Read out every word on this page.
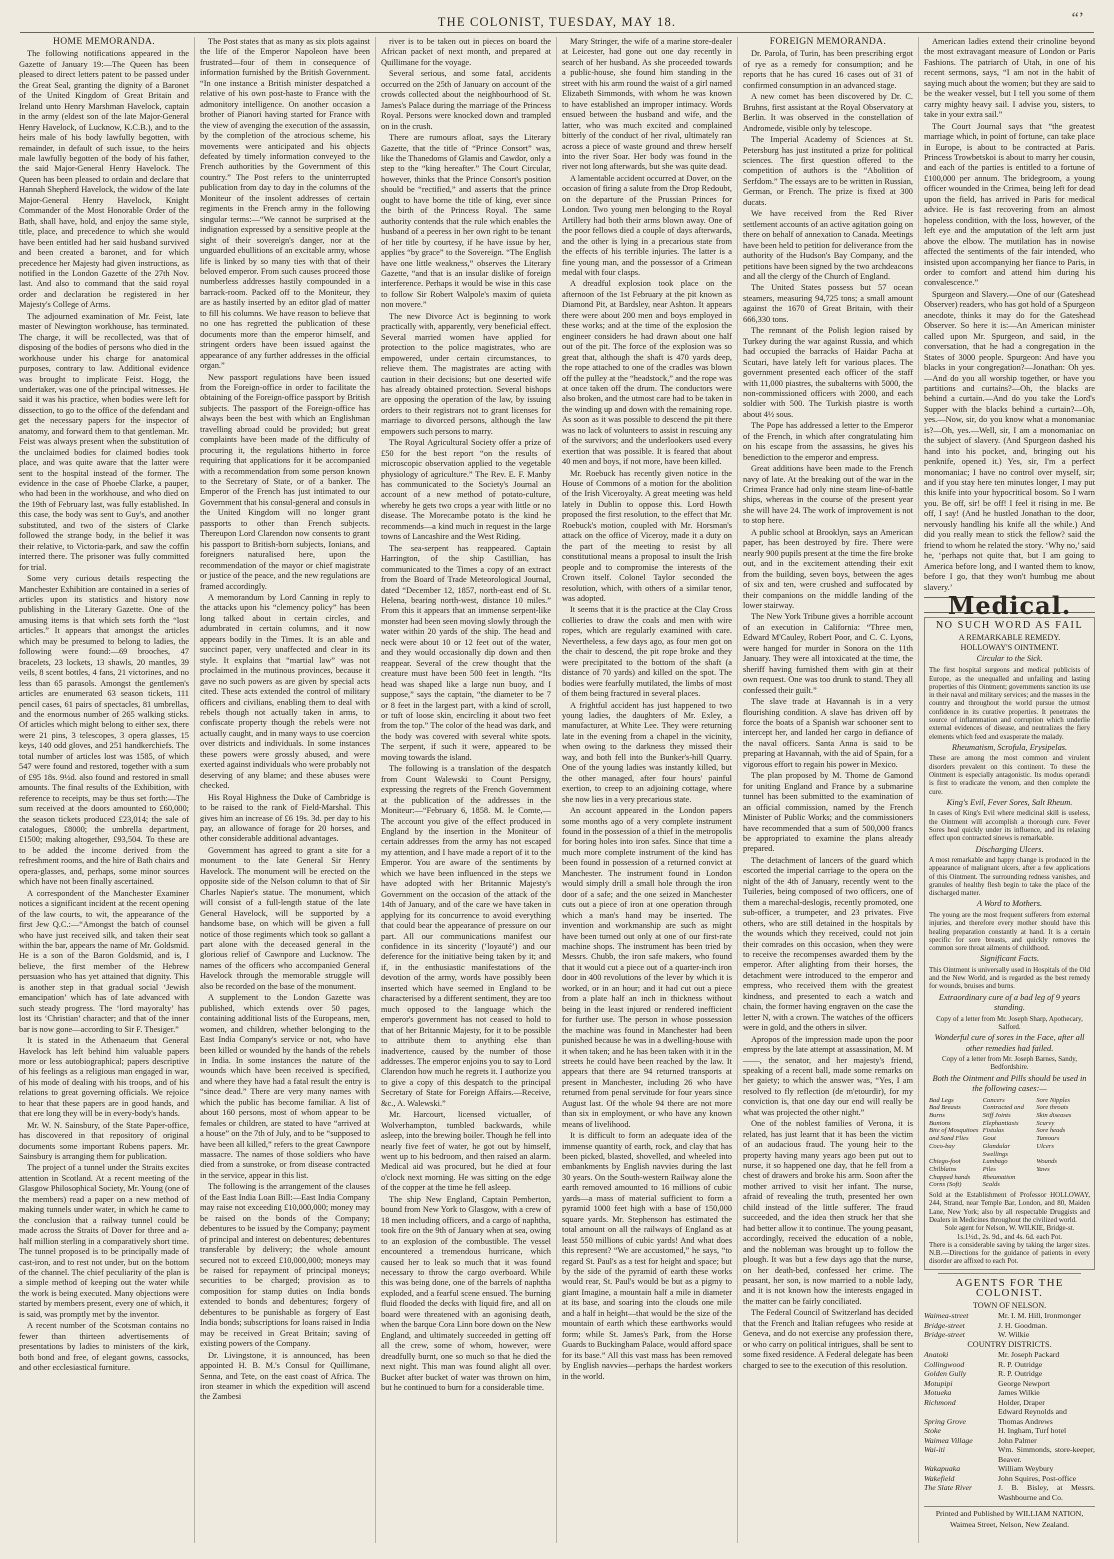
THE COLONIST, TUESDAY, MAY 18.	“’
HOME MEMORANDA.

The following notifications appeared in the Gazette of January 19:—The Queen has been pleased to direct letters patent to be passed under the Great Seal, granting the dignity of a Baronet of the United Kingdom of Great Britain and Ireland unto Henry Marshman Havelock, captain in the army (eldest son of the late Major-General Henry Havelock, of Lucknow, K.C.B.), and to the heirs male of his body lawfully begotten, with remainder, in default of such issue, to the heirs male lawfully begotten of the body of his father, the said Major-General Henry Havelock. The Queen has been pleased to ordain and declare that Hannah Shepherd Havelock, the widow of the late Major-General Henry Havelock, Knight Commander of the Most Honorable Order of the Bath, shall have, hold, and enjoy the same style, title, place, and precedence to which she would have been entitled had her said husband survived and been created a baronet, and for which precedence her Majesty had given instructions, as notified in the London Gazette of the 27th Nov. last. And also to command that the said royal order and declaration be registered in her Majesty's College of Arms.

The adjourned examination of Mr. Feist, late master of Newington workhouse, has terminated. The charge, it will be recollected, was that of disposing of the bodies of persons who died in the workhouse under his charge for anatomical purposes, contrary to law. Additional evidence was brought to implicate Feist. Hogg, the undertaker, was one of the principal witnesses. He said it was his practice, when bodies were left for dissection, to go to the office of the defendant and get the necessary papers for the inspector of anatomy, and forward them to that gentleman. Mr. Feist was always present when the substitution of the unclaimed bodies for claimed bodies took place, and was quite aware that the latter were sent to the hospital instead of the former. The evidence in the case of Phoebe Clarke, a pauper, who had been in the workhouse, and who died on the 19th of February last, was fully established. In this case, the body was sent to Guy's, and another substituted, and two of the sisters of Clarke followed the strange body, in the belief it was their relative, to Victoria-park, and saw the coffin interred there. The prisoner was fully committed for trial.

Some very curious details respecting the Manchester Exhibition are contained in a series of articles upon its statistics and history now publishing in the Literary Gazette. One of the amusing items is that which sets forth the “lost articles.” It appears that amongst the articles which may be presumed to belong to ladies, the following were found:—69 brooches, 47 bracelets, 23 lockets, 13 shawls, 20 mantles, 39 veils, 8 scent bottles, 4 fans, 21 victorines, and no less than 65 parasols. Amongst the gentlemen's articles are enumerated 63 season tickets, 111 pencil cases, 61 pairs of spectacles, 81 umbrellas, and the enormous number of 265 walking sticks. Of articles which might belong to either sex, there were 21 pins, 3 telescopes, 3 opera glasses, 15 keys, 140 odd gloves, and 251 handkerchiefs. The total number of articles lost was 1585, of which 547 were found and restored, together with a sum of £95 18s. 9½d. also found and restored in small amounts. The final results of the Exhibition, with reference to receipts, may be thus set forth:—The sum received at the doors amounted to £60,000; the season tickets produced £23,014; the sale of catalogues, £8000; the umbrella department, £1500; making altogether, £93,504. To these are to be added the income derived from the refreshment rooms, and the hire of Bath chairs and opera-glasses, and, perhaps, some minor sources which have not been finally ascertained.

A correspondent of the Manchester Examiner notices a significant incident at the recent opening of the law courts, to wit, the appearance of the first Jew Q.C.:—“Amongst the batch of counsel who have just received silk, and taken their seat within the bar, appears the name of Mr. Goldsmid. He is a son of the Baron Goldsmid, and is, I believe, the first member of the Hebrew persuasion who has yet attained that dignity. This is another step in that gradual social ‘Jewish emancipation’ which has of late advanced with such steady progress. The ‘lord mayoralty’ has lost its ‘Christian’ character; and that of the inner bar is now gone—according to Sir F. Thesiger.”

It is stated in the Athenaeum that General Havelock has left behind him valuable papers more or less autobiographical; papers descriptive of his feelings as a religious man engaged in war, of his mode of dealing with his troops, and of his relations to great governing officials. We rejoice to hear that these papers are in good hands, and that ere long they will be in every-body's hands.

Mr. W. N. Sainsbury, of the State Paper-office, has discovered in that repository of original documents some important Rubens papers. Mr. Sainsbury is arranging them for publication.

The project of a tunnel under the Straits excites attention in Scotland. At a recent meeting of the Glasgow Philosophical Society, Mr. Young (one of the members) read a paper on a new method of making tunnels under water, in which he came to the conclusion that a railway tunnel could be made across the Straits of Dover for three and a-half million sterling in a comparatively short time. The tunnel proposed is to be principally made of cast-iron, and to rest not under, but on the bottom of the channel. The chief peculiarity of the plan is a simple method of keeping out the water while the work is being executed. Many objections were started by members present, every one of which, it is said, was promptly met by the inventor.

A recent number of the Scotsman contains no fewer than thirteen advertisements of presentations by ladies to ministers of the kirk, both bond and free, of elegant gowns, cassocks, and other ecclesiastical furniture.

The Post states that as many as six plots against the life of the Emperor Napoleon have been frustrated—four of them in consequence of information furnished by the British Government. “In one instance a British minister despatched a relative of his own post-haste to France with the admonitory intelligence. On another occasion a brother of Pianori having started for France with the view of avenging the execution of the assassin, by the completion of the atrocious scheme, his movements were anticipated and his objects defeated by timely information conveyed to the French authorities by the Government of this country.” The Post refers to the uninterrupted publication from day to day in the columns of the Moniteur of the insolent addresses of certain regiments in the French army in the following singular terms:—“We cannot be surprised at the indignation expressed by a sensitive people at the sight of their sovereign's danger, nor at the unguarded ebullitions of an excitable army, whose life is linked by so many ties with that of their beloved emperor. From such causes proceed those numberless addresses hastily compounded in a barrack-room. Packed off to the Moniteur, they are as hastily inserted by an editor glad of matter to fill his columns. We have reason to believe that no one has regretted the publication of these documents more than the emperor himself, and stringent orders have been issued against the appearance of any further addresses in the official organ.”

New passport regulations have been issued from the Foreign-office in order to facilitate the obtaining of the Foreign-office passport by British subjects. The passport of the Foreign-office has always been the best with which an Englishman travelling abroad could be provided; but great complaints have been made of the difficulty of procuring it, the regulations hitherto in force requiring that applications for it be accompanied with a recommendation from some person known to the Secretary of State, or of a banker. The Emperor of the French has just intimated to our Government that his consul-general and consuls in the United Kingdom will no longer grant passports to other than French subjects. Thereupon Lord Clarendon now consents to grant his passport to British-born subjects, Ionians, and foreigners naturalised here, upon the recommendation of the mayor or chief magistrate or justice of the peace, and the new regulations are framed accordingly.

A memorandum by Lord Canning in reply to the attacks upon his “clemency policy” has been long talked about in certain circles, and adumbrated in certain columns, and it now appears bodily in the Times. It is an able and succinct paper, very unaffected and clear in its style. It explains that “martial law” was not proclaimed in the mutinous provinces, because it gave no such powers as are given by special acts cited. These acts extended the control of military officers and civilians, enabling them to deal with rebels though not actually taken in arms, to confiscate property though the rebels were not actually caught, and in many ways to use coercion over districts and individuals. In some instances these powers were grossly abused, and were exerted against individuals who were probably not deserving of any blame; and these abuses were checked.

His Royal Highness the Duke of Cambridge is to be raised to the rank of Field-Marshal. This gives him an increase of £6 19s. 3d. per day to his pay, an allowance of forage for 20 horses, and other considerable additional advantages.

Government has agreed to grant a site for a monument to the late General Sir Henry Havelock. The monument will be erected on the opposite side of the Nelson column to that of Sir Charles Napier's statue. The monument, which will consist of a full-length statue of the late General Havelock, will be supported by a handsome base, on which will be given a full notice of those regiments which took so gallant a part alone with the deceased general in the glorious relief of Cawnpore and Lucknow. The names of the officers who accompanied General Havelock through the memorable struggle will also be recorded on the base of the monument.

A supplement to the London Gazette was published, which extends over 50 pages, containing additional lists of the Europeans, men, women, and children, whether belonging to the East India Company's service or not, who have been killed or wounded by the hands of the rebels in India. In some instances the nature of the wounds which have been received is specified, and where they have had a fatal result the entry is “since dead.” There are very many names with which the public has become familiar. A list of about 160 persons, most of whom appear to be females or children, are stated to have “arrived at a house” on the 7th of July, and to be “supposed to have been all killed,” refers to the great Cawnpore massacre. The names of those soldiers who have died from a sunstroke, or from disease contracted in the service, appear in this list.

The following is the arrangement of the clauses of the East India Loan Bill:—East India Company may raise not exceeding £10,000,000; money may be raised on the bonds of the Company; debentures to be issued by the Company; payment of principal and interest on debentures; debentures transferable by delivery; the whole amount secured not to exceed £10,000,000; moneys may be raised for repayment of principal moneys; securities to be charged; provision as to composition for stamp duties on India bonds extended to bonds and debentures; forgery of debentures to be punishable as forgery of East India bonds; subscriptions for loans raised in India may be received in Great Britain; saving of existing powers of the Company.

Dr. Livingstone, it is announced, has been appointed H. B. M.'s Consul for Quillimane, Senna, and Tete, on the east coast of Africa. The iron steamer in which the expedition will ascend the Zambesi

river is to be taken out in pieces on board the African packet of next month, and prepared at Quillimane for the voyage.

Several serious, and some fatal, accidents occurred on the 25th of January on account of the crowds collected about the neighbourhood of St. James's Palace during the marriage of the Princess Royal. Persons were knocked down and trampled on in the crush.

There are rumours afloat, says the Literary Gazette, that the title of “Prince Consort” was, like the Thanedoms of Glamis and Cawdor, only a step to the “king hereafter.” The Court Circular, however, thinks that the Prince Consort's position should be “rectified,” and asserts that the prince ought to have borne the title of king, ever since the birth of the Princess Royal. The same authority contends that the rule which enables the husband of a peeress in her own right to be tenant of her title by courtesy, if he have issue by her, applies “by grace” to the Sovereign. “The English have one little weakness,” observes the Literary Gazette, “and that is an insular dislike of foreign interference. Perhaps it would be wise in this case to follow Sir Robert Walpole's maxim of quieta non movere.”

The new Divorce Act is beginning to work practically with, apparently, very beneficial effect. Several married women have applied for protection to the police magistrates, who are empowered, under certain circumstances, to relieve them. The magistrates are acting with caution in their decisions; but one deserted wife has already obtained protection. Several bishops are opposing the operation of the law, by issuing orders to their registrars not to grant licenses for marriage to divorced persons, although the law empowers such persons to marry.

The Royal Agricultural Society offer a prize of £50 for the best report “on the results of microscopic observation applied to the vegetable physiology of agriculture.” The Rev. E. F. Manby has communicated to the Society's Journal an account of a new method of potato-culture, whereby he gets two crops a year with little or no disease. The Morecambe potato is the kind he recommends—a kind much in request in the large towns of Lancashire and the West Riding.

The sea-serpent has reappeared. Captain Harrington, of the ship Castillian, has communicated to the Times a copy of an extract from the Board of Trade Meteorological Journal, dated “December 12, 1857, north-east end of St. Helena, bearing north-west, distance 10 miles.” From this it appears that an immense serpent-like monster had been seen moving slowly through the water within 20 yards of the ship. The head and neck were about 10 or 12 feet out of the water, and they would occasionally dip down and then reappear. Several of the crew thought that the creature must have been 500 feet in length. “Its head was shaped like a large nun buoy, and I suppose,” says the captain, “the diameter to be 7 or 8 feet in the largest part, with a kind of scroll, or tuft of loose skin, encircling it about two feet from the top.” The color of the head was dark, and the body was covered with several white spots. The serpent, if such it were, appeared to be moving towards the island.

The following is a translation of the despatch from Count Walewski to Count Persigny, expressing the regrets of the French Government at the publication of the addresses in the Moniteur:—“February 6, 1858. M. le Comte,—The account you give of the effect produced in England by the insertion in the Moniteur of certain addresses from the army has not escaped my attention, and I have made a report of it to the Emperor. You are aware of the sentiments by which we have been influenced in the steps we have adopted with her Britannic Majesty's Government on the occasion of the attack of the 14th of January, and of the care we have taken in applying for its concurrence to avoid everything that could bear the appearance of pressure on our part. All our communications manifest our confidence in its sincerity (‘loyauté’) and our deference for the initiative being taken by it; and if, in the enthusiastic manifestations of the devotion of the army, words have possibly been inserted which have seemed in England to be characterised by a different sentiment, they are too much opposed to the language which the emperor's government has not ceased to hold to that of her Britannic Majesty, for it to be possible to attribute them to anything else than inadvertence, caused by the number of those addresses. The emperor enjoins you to say to Lord Clarendon how much he regrets it. I authorize you to give a copy of this despatch to the principal Secretary of State for Foreign Affairs.—Receive, &c., A. Walewski.”

Mr. Harcourt, licensed victualler, of Wolverhampton, tumbled backwards, while asleep, into the brewing boiler. Though he fell into nearly five feet of water, he got out by himself, went up to his bedroom, and then raised an alarm. Medical aid was procured, but he died at four o'clock next morning. He was sitting on the edge of the copper at the time he fell asleep.

The ship New England, Captain Pemberton, bound from New York to Glasgow, with a crew of 18 men including officers, and a cargo of naphtha, took fire on the 9th of January when at sea, owing to an explosion of the combustible. The vessel encountered a tremendous hurricane, which caused her to leak so much that it was found necessary to throw the cargo overboard. While this was being done, one of the barrels of naphtha exploded, and a fearful scene ensued. The burning fluid flooded the decks with liquid fire, and all on board were threatened with an agonising death, when the barque Cora Linn bore down on the New England, and ultimately succeeded in getting off all the crew, some of whom, however, were dreadfully burnt, one so much so that he died the next night. This man was found alight all over. Bucket after bucket of water was thrown on him, but he continued to burn for a considerable time.

Mary Stringer, the wife of a marine store-dealer at Leicester, had gone out one day recently in search of her husband. As she proceeded towards a public-house, she found him standing in the street with his arm round the waist of a girl named Elizabeth Simmonds, with whom he was known to have established an improper intimacy. Words ensued between the husband and wife, and the latter, who was much excited and complained bitterly of the conduct of her rival, ultimately ran across a piece of waste ground and threw herself into the river Soar. Her body was found in the river not long afterwards, but she was quite dead.

A lamentable accident occurred at Dover, on the occasion of firing a salute from the Drop Redoubt, on the departure of the Prussian Princes for London. Two young men belonging to the Royal Artillery had both their arms blown away. One of the poor fellows died a couple of days afterwards, and the other is lying in a precarious state from the effects of his terrible injuries. The latter is a fine young man, and the possessor of a Crimean medal with four clasps.

A dreadful explosion took place on the afternoon of the 1st February at the pit known as Diamond Pit, at Bardsley, near Ashton. It appears there were about 200 men and boys employed in these works; and at the time of the explosion the engineer considers he had drawn about one half out of the pit. The force of the explosion was so great that, although the shaft is 470 yards deep, the rope attached to one of the cradles was blown off the pulley at the “headstock,” and the rope was at once taken off the drum. The conductors were also broken, and the utmost care had to be taken in the winding up and down with the remaining rope. As soon as it was possible to descend the pit there was no lack of volunteers to assist in rescuing any of the survivors; and the underlookers used every exertion that was possible. It is feared that about 40 men and boys, if not more, have been killed.

Mr. Roebuck has recently given notice in the House of Commons of a motion for the abolition of the Irish Viceroyalty. A great meeting was held lately in Dublin to oppose this. Lord Howth proposed the first resolution, to the effect that Mr. Roebuck's motion, coupled with Mr. Horsman's attack on the office of Viceroy, made it a duty on the part of the meeting to resist by all constitutional means a proposal to insult the Irish people and to compromise the interests of the Crown itself. Colonel Taylor seconded the resolution, which, with others of a similar tenor, was adopted.

It seems that it is the practice at the Clay Cross collieries to draw the coals and men with wire ropes, which are regularly examined with care. Nevertheless, a few days ago, as four men got on the chair to descend, the pit rope broke and they were precipitated to the bottom of the shaft (a distance of 70 yards) and killed on the spot. The bodies were fearfully mutilated, the limbs of most of them being fractured in several places.

A frightful accident has just happened to two young ladies, the daughters of Mr. Exley, a manufacturer, at White Lee. They were returning late in the evening from a chapel in the vicinity, when owing to the darkness they missed their way, and both fell into the Bunker's-hill Quarry. One of the young ladies was instantly killed, but the other managed, after four hours' painful exertion, to creep to an adjoining cottage, where she now lies in a very precarious state.

An account appeared in the London papers some months ago of a very complete instrument found in the possession of a thief in the metropolis for boring holes into iron safes. Since that time a much more complete instrument of the kind has been found in possession of a returned convict at Manchester. The instrument found in London would simply drill a small hole through the iron door of a safe; and the one seized in Manchester cuts out a piece of iron at one operation through which a man's hand may be inserted. The invention and workmanship are such as might have been turned out only at one of our first-rate machine shops. The instrument has been tried by Messrs. Chubb, the iron safe makers, who found that it would cut a piece out of a quarter-inch iron door in 400 revolutions of the lever by which it is worked, or in an hour; and it had cut out a piece from a plate half an inch in thickness without being in the least injured or rendered inefficient for further use. The person in whose possession the machine was found in Manchester had been punished because he was in a dwelling-house with it when taken; and he has been taken with it in the streets he could have been reached by the law. It appears that there are 94 returned transports at present in Manchester, including 26 who have returned from penal servitude for four years since August last. Of the whole 94 there are not more than six in employment, or who have any known means of livelihood.

It is difficult to form an adequate idea of the immense quantity of earth, rock, and clay that has been picked, blasted, shovelled, and wheeled into embankments by English navvies during the last 30 years. On the South-western Railway alone the earth removed amounted to 16 millions of cubic yards—a mass of material sufficient to form a pyramid 1000 feet high with a base of 150,000 square yards. Mr. Stephenson has estimated the total amount on all the railways of England as at least 550 millions of cubic yards! And what does this represent? “We are accustomed,” he says, “to regard St. Paul's as a test for height and space; but by the side of the pyramid of earth these works would rear, St. Paul's would be but as a pigmy to giant Imagine, a mountain half a mile in diameter at its base, and soaring into the clouds one mile and a half in height—that would be the size of the mountain of earth which these earthworks would form; while St. James's Park, from the Horse Guards to Buckingham Palace, would afford space for its base.” All this vast mass has been removed by English navvies—perhaps the hardest workers in the world.

FOREIGN MEMORANDA.

Dr. Parola, of Turin, has been prescribing ergot of rye as a remedy for consumption; and he reports that he has cured 16 cases out of 31 of confirmed consumption in an advanced stage.

A new comet has been discovered by Dr. C. Bruhns, first assistant at the Royal Observatory at Berlin. It was observed in the constellation of Andromede, visible only by telescope.

The Imperial Academy of Sciences at St. Petersburg has just instituted a prize for political sciences. The first question offered to the competition of authors is the “Abolition of Serfdom.” The essays are to be written in Russian, German, or French. The prize is fixed at 300 ducats.

We have received from the Red River settlement accounts of an active agitation going on there on behalf of annexation to Canada. Meetings have been held to petition for deliverance from the authority of the Hudson's Bay Company, and the petitions have been signed by the two archdeacons and all the clergy of the Church of England.

The United States possess but 57 ocean steamers, measuring 94,725 tons; a small amount against the 1670 of Great Britain, with their 666,330 tons.

The remnant of the Polish legion raised by Turkey during the war against Russia, and which had occupied the barracks of Haidar Pacha at Scutari, have lately left for various places. The government presented each officer of the staff with 11,000 piastres, the subalterns with 5000, the non-commissioned officers with 2000, and each soldier with 500. The Turkish piastre is worth about 4½ sous.

The Pope has addressed a letter to the Emperor of the French, in which after congratulating him on his escape from the assassins, he gives his benediction to the emperor and empress.

Great additions have been made to the French navy of late. At the breaking out of the war in the Crimea France had only nine steam line-of-battle ships, whereas in the course of the present year she will have 24. The work of improvement is not to stop here.

A public school at Brooklyn, says an American paper, has been destroyed by fire. There were nearly 900 pupils present at the time the fire broke out, and in the excitement attending their exit from the building, seven boys, between the ages of six and ten, were crushed and suffocated by their companions on the middle landing of the lower stairway.

The New York Tribune gives a horrible account of an execution in California: “Three men, Edward M'Cauley, Robert Poor, and C. C. Lyons, were hanged for murder in Sonora on the 11th January. They were all intoxicated at the time, the sheriff having furnished them with gin at their own request. One was too drunk to stand. They all confessed their guilt.”

The slave trade at Havannah is in a very flourishing condition. A slave has driven off by force the boats of a Spanish war schooner sent to intercept her, and landed her cargo in defiance of the naval officers. Santa Anna is said to be preparing at Havannah, with the aid of Spain, for a vigorous effort to regain his power in Mexico.

The plan proposed by M. Thome de Gamond for uniting England and France by a submarine tunnel has been submitted to the examination of an official commission, named by the French Minister of Public Works; and the commissioners have recommended that a sum of 500,000 francs be appropriated to examine the plans already prepared.

The detachment of lancers of the guard which escorted the imperial carriage to the opera on the night of the 4th of January, recently went to the Tuileries, being composed of two officers, one of them a marechal-deslogis, recently promoted, one sub-officer, a trumpeter, and 23 privates. Five others, who are still detained in the hospitals by the wounds which they received, could not join their comrades on this occasion, when they were to receive the recompenses awarded them by the emperor. After alighting from their horses, the detachment were introduced to the emperor and empress, who received them with the greatest kindness, and presented to each a watch and chain, the former having engraven on the case the letter N, with a crown. The watches of the officers were in gold, and the others in silver.

Apropos of the impression made upon the poor empress by the late attempt at assassination, M. M——, the senator, and her majesty's friend, speaking of a recent ball, made some remarks on her gaiety; to which the answer was, “Yes, I am resolved to fly reflection (de m'etourdir), for my conviction is, that one day our end will really be what was projected the other night.”

One of the noblest families of Verona, it is related, has just learnt that it has been the victim of an audacious fraud. The young heir to the property having many years ago been put out to nurse, it so happened one day, that he fell from a chest of drawers and broke his arm. Soon after the mother arrived to visit her infant. The nurse, afraid of revealing the truth, presented her own child instead of the little sufferer. The fraud succeeded, and the idea then struck her that she had better allow it to continue. The young peasant, accordingly, received the education of a noble, and the nobleman was brought up to follow the plough. It was but a few days ago that the nurse, on her death-bed, confessed her crime. The peasant, her son, is now married to a noble lady, and it is not known how the interests engaged in the matter can be fairly conciliated.

The Federal Council of Switzerland has decided that the French and Italian refugees who reside at Geneva, and do not exercise any profession there, or who carry on political intrigues, shall be sent to some fixed residence. A Federal delegate has been charged to see to the execution of this resolution.

American ladies extend their crinoline beyond the most extravagant measure of London or Paris Fashions. The patriarch of Utah, in one of his recent sermons, says, “I am not in the habit of saying much about the women; but they are said to be the weaker vessel, but I tell you some of them carry mighty heavy sail. I advise you, sisters, to take in your extra sail.”

The Court Journal says that “the greatest marriage which, in point of fortune, can take place in Europe, is about to be contracted at Paris. Princess Trowbetskoi is about to marry her cousin, and each of the parties is entitled to a fortune of £100,000 per annum. The bridegroom, a young officer wounded in the Crimea, being left for dead upon the field, has arrived in Paris for medical advice. He is fast recovering from an almost hopeless condition, with the loss, however, of the left eye and the amputation of the left arm just above the elbow. The mutilation has in nowise affected the sentiments of the fair intended, who insisted upon accompanying her fiance to Paris, in order to comfort and attend him during his convalescence.”

Spurgeon and Slavery.—One of our (Gateshead Observer) readers, who has got hold of a Spurgeon anecdote, thinks it may do for the Gateshead Observer. So here it is:—An American minister called upon Mr. Spurgeon, and said, in the conversation, that he had a congregation in the States of 3000 people. Spurgeon: And have you blacks in your congregation?—Jonathan: Oh yes.—And do you all worship together, or have you partitions and curtains?—Oh, the blacks are behind a curtain.—And do you take the Lord's Supper with the blacks behind a curtain?—Oh, yes.—Now, sir, do you know what a monomaniac is?—Oh, yes.—Well, sir, I am a monomaniac on the subject of slavery. (And Spurgeon dashed his hand into his pocket, and, bringing out his penknife, opened it.) Yes, sir, I'm a perfect monomaniac; I have no control over myself, sir; and if you stay here ten minutes longer, I may put this knife into your hypocritical bosom. So I warn you. Be off, sir! be off! I feel it rising in me. Be off, I say! (And he hustled Jonathan to the door, nervously handling his knife all the while.) And did you really mean to stick the fellow? said the friend to whom he related the story. ‘Why no,’ said he, ‘perhaps not quite that, but I am going to America before long, and I wanted them to know, before I go, that they won't humbug me about slavery.’

Medical.
NO SUCH WORD AS FAIL
A REMARKABLE REMEDY.
HOLLOWAY'S OINTMENT.
Circular to the Sick.
The first hospital surgeons and medical publicists of Europe, as the unequalled and unfailing and lasting properties of this Ointment; governments sanction its use in their naval and military services; and the masses in the country and throughout the world pursue the utmost confidence in its curative properties. It penetrates the source of inflammation and corruption which underlie external evidences of disease, and neutralizes the fiery elements which feed and exasperate the malady.
Rheumatism, Scrofula, Erysipelas.
These are among the most common and virulent disorders prevalent on this continent. To these the Ointment is especially antagonistic. Its modus operandi is first to eradicate the venom, and then complete the cure.
King's Evil, Fever Sores, Salt Rheum.
In cases of King's Evil where medicinal skill is useless, the Ointment will accomplish a thorough cure. Fever Sores heal quickly under its influence, and its relaxing effect upon contracted sinews is remarkable.
Discharging Ulcers.
A most remarkable and happy change is produced in the appearance of malignant ulcers, after a few applications of this Ointment. The surrounding redness vanishes, and granules of healthy flesh begin to take the place of the discharged matter.
A Word to Mothers.
The young are the most frequent sufferers from external injuries, and therefore every mother should have this healing preparation constantly at hand. It is a certain specific for sore breasts, and quickly removes the common sore throat ailments of childhood.
Significant Facts.
This Ointment is universally used in Hospitals of the Old and the New World, and is regarded as the best remedy for wounds, bruises and burns.
Extraordinary cure of a bad leg of 9 years standing.
Copy of a letter from Mr. Joseph Sharp, Apothecary, Salford.
Wonderful cure of sores in the Face, after all other remedies had failed.
Copy of a letter from Mr. Joseph Barnes, Sandy, Bedfordshire.
Both the Ointment and Pills should be used in the following cases:—
Bad Legs	Cancers	Sore Nipples
Bad Breasts	Contracted and	Sore throats
Burns	Stiff Joints	Skin diseases
Bunions	Elephantiasis	Scurvy
Bite of Mosquitoes Fistulas	Sore heads
and Sand Flies	Gout	Tumours
Coco-bay	Glandular Swellings
Ulcers
Chiego-foot	Lumbago	Wounds
Chilblains	Piles	Yaws
Chapped hands	Rheumatism
Corns (Soft)	Scalds
Sold at the Establishment of Professor HOLLOWAY, 244, Strand, near Temple Bar, London, and 80, Maiden Lane, New York; also by all respectable Druggists and Dealers in Medicines throughout the civilized world.
Sole agent for Nelson, W. WILKIE, Bridge-st.
1s.1½d., 2s. 9d., and 4s. 6d. each Pot.
There is a considerable saving by taking the larger sizes. N.B.—Directions for the guidance of patients in every disorder are affixed to each Pot.
AGENTS FOR THE COLONIST.
TOWN OF NELSON.
Waimea-street	Mr. I. M. Hill, Ironmonger
Bridge-street	J. H. Goodman.
Bridge-street	W. Wilkie
COUNTRY DISTRICTS.
Anatoki	Mr. Joseph Packard
Collingwood	R. P. Outridge
Golden Gully	R. P. Outridge
Motupipi	George Newport
Motueka	James Wilkie
Richmond	Holder, Draper
Edward Reynolds and
Spring Grove	Thomas Andrews
Stoke	H. Ingham, Turf hotel
Waimea Village	John Palmer
Wai-iti	Wm. Simmonds, store-keeper, Beaver.
Wakapuaka	William Weybury
Wakefield	John Squires, Post-office
The Slate River	J. B. Bisley, at Messrs. Washbourne and Co.
Printed and Published by WILLIAM NATION, Waimea Street, Nelson, New Zealand.
